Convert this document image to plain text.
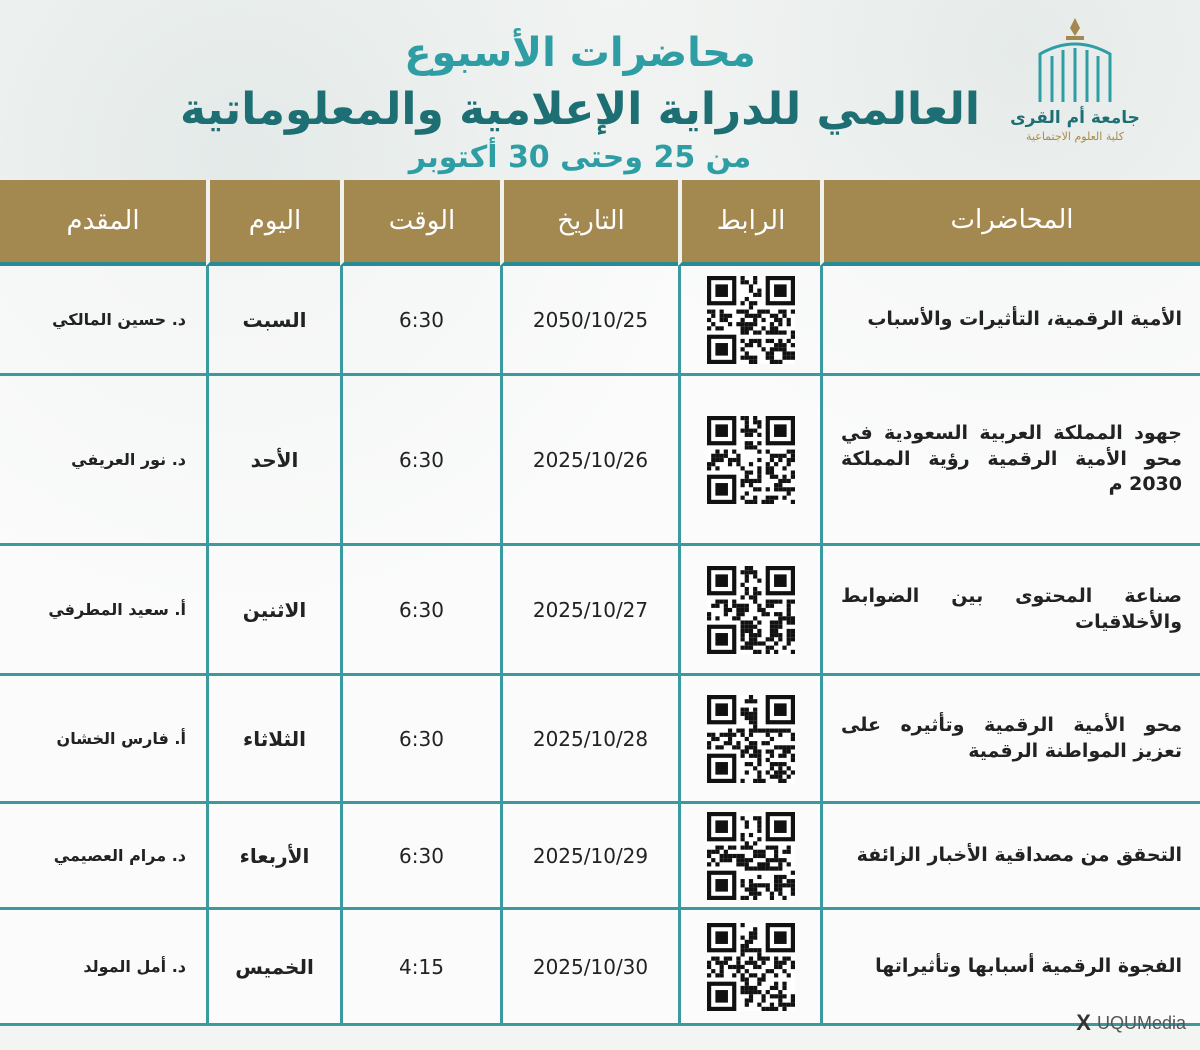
محاضرات الأسبوع
العالمي للدراية الإعلامية والمعلوماتية
من 25 وحتى 30 أكتوبر
جامعة أم القرى
كلية العلوم الاجتماعية
المحاضرات
الرابط
التاريخ
الوقت
اليوم
المقدم
الأمية الرقمية، التأثيرات والأسباب
2050/10/25
6:30
السبت
د. حسين المالكي
جهود المملكة العربية السعودية في محو الأمية الرقمية رؤية المملكة 2030 م
2025/10/26
6:30
الأحد
د. نور العريفي
صناعة المحتوى بين الضوابط والأخلاقيات
2025/10/27
6:30
الاثنين
أ. سعيد المطرفي
محو الأمية الرقمية وتأثيره على تعزيز المواطنة الرقمية
2025/10/28
6:30
الثلاثاء
أ. فارس الخشان
التحقق من مصداقية الأخبار الزائفة
2025/10/29
6:30
الأربعاء
د. مرام العصيمي
الفجوة الرقمية أسبابها وتأثيراتها
2025/10/30
4:15
الخميس
د. أمل المولد
X UQUMedia
